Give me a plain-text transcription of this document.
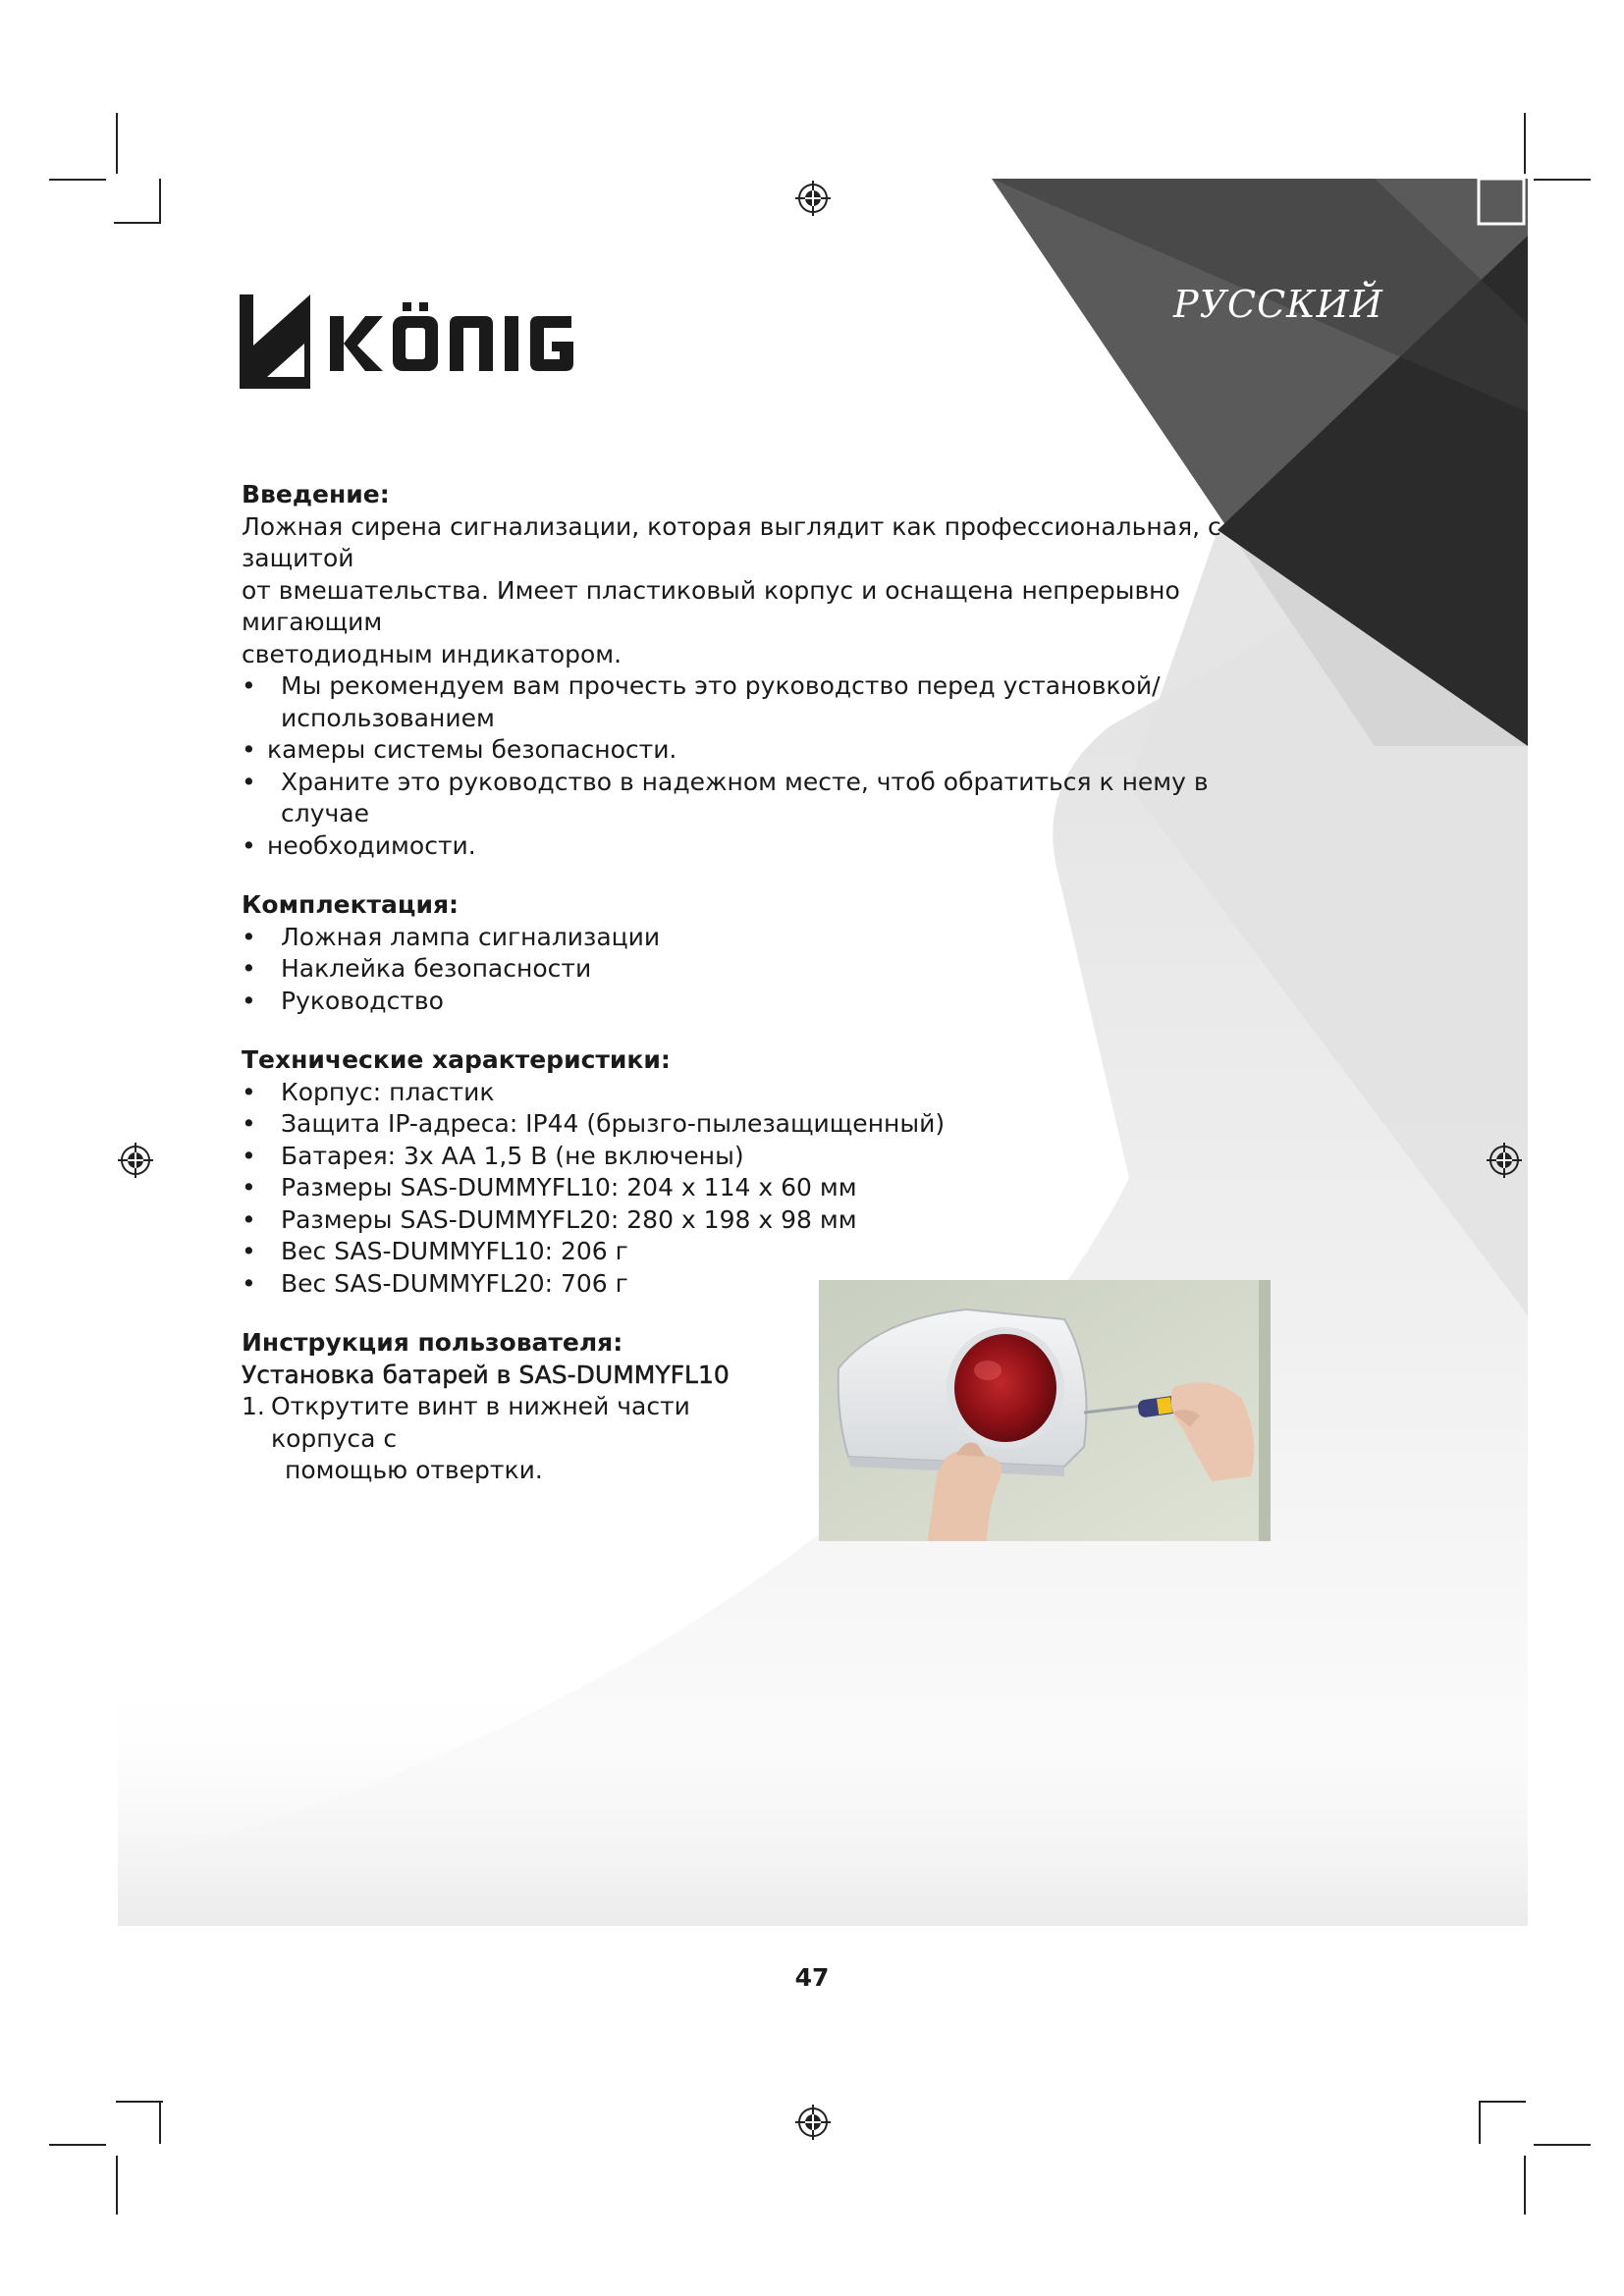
РУССКИЙ
Введение:
Ложная сирена сигнализации, которая выглядит как профессиональная, с защитой
от вмешательства. Имеет пластиковый корпус и оснащена непрерывно мигающим
светодиодным индикатором.
• Мы рекомендуем вам прочесть это руководство перед установкой/использованием
• камеры системы безопасности.
• Храните это руководство в надежном месте, чтоб обратиться к нему в случае
• необходимости.
Комплектация:
• Ложная лампа сигнализации
• Наклейка безопасности
• Руководство
Технические характеристики:
• Корпус: пластик
• Защита IP-адреса: IP44 (брызго-пылезащищенный)
• Батарея: 3x AA 1,5 В (не включены)
• Размеры SAS-DUMMYFL10: 204 x 114 x 60 мм
• Размеры SAS-DUMMYFL20: 280 x 198 x 98 мм
• Вес SAS-DUMMYFL10: 206 г
• Вес SAS-DUMMYFL20: 706 г
Инструкция пользователя:
Установка батарей в SAS-DUMMYFL10
1. Открутите винт в нижней части корпуса с
помощью отвертки.
47
